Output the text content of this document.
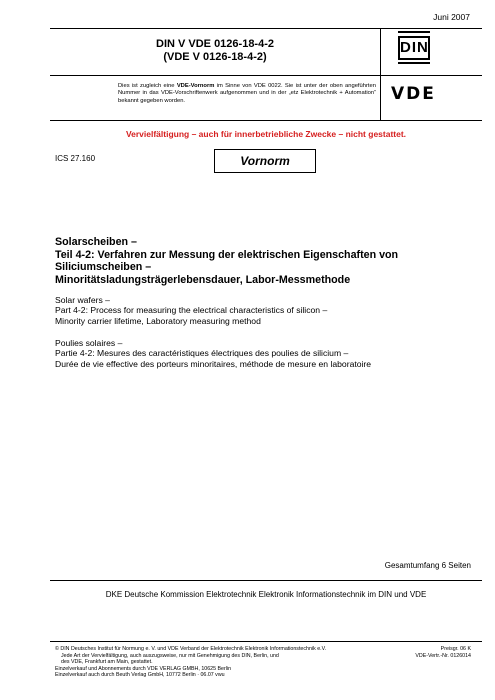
Juni 2007
DIN V VDE 0126-18-4-2
(VDE V 0126-18-4-2)
DIN
VDE
Dies ist zugleich eine VDE-Vornorm im Sinne von VDE 0022. Sie ist unter der oben angeführten Nummer in das VDE-Vorschriftenwerk aufgenommen und in der „etz Elektrotechnik + Automation“ bekannt gegeben worden.
Vervielfältigung – auch für innerbetriebliche Zwecke – nicht gestattet.
ICS 27.160	Vornorm
Solarscheiben –
Teil 4-2: Verfahren zur Messung der elektrischen Eigenschaften von
Siliciumscheiben –
Minoritätsladungsträgerlebensdauer, Labor-Messmethode
Solar wafers –
Part 4-2: Process for measuring the electrical characteristics of silicon –
Minority carrier lifetime, Laboratory measuring method
Poulies solaires –
Partie 4-2: Mesures des caractéristiques électriques des poulies de silicium –
Durée de vie effective des porteurs minoritaires, méthode de mesure en laboratoire
Gesamtumfang 6 Seiten
DKE Deutsche Kommission Elektrotechnik Elektronik Informationstechnik im DIN und VDE
© DIN Deutsches Institut für Normung e. V. und VDE Verband der Elektrotechnik Elektronik Informationstechnik e.V.
Jede Art der Vervielfältigung, auch auszugsweise, nur mit Genehmigung des DIN, Berlin, und
des VDE, Frankfurt am Main, gestattet.
Einzelverkauf und Abonnements durch VDE VERLAG GMBH, 10625 Berlin
Einzelverkauf auch durch Beuth Verlag GmbH, 10772 Berlin · 06.07 vwu
Preisgr. 06 K
VDE-Vertr.-Nr. 0126014
